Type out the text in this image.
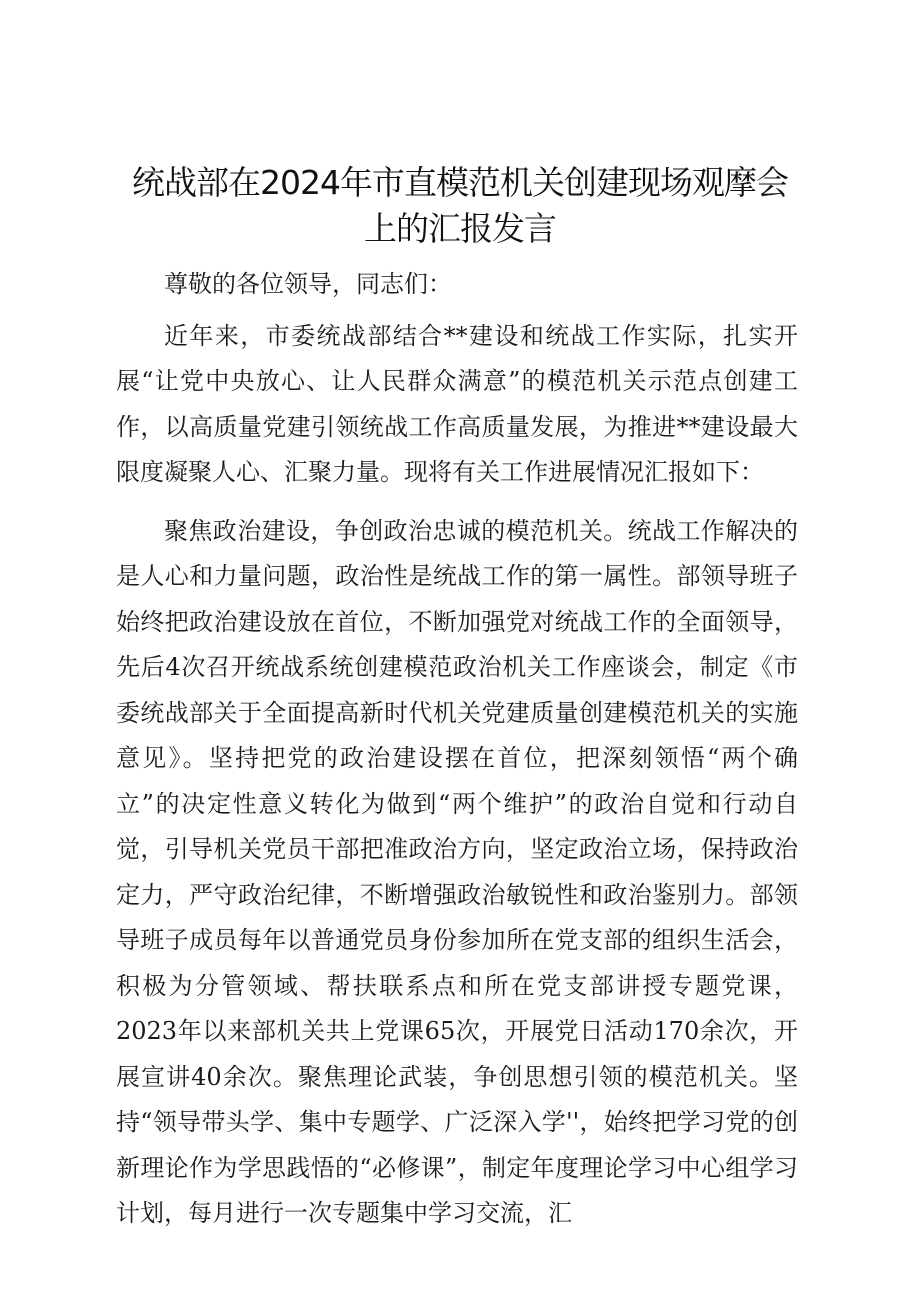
统战部在2024年市直模范机关创建现场观摩会
上的汇报发言

尊敬的各位领导，同志们：

近年来，市委统战部结合**建设和统战工作实际，扎实开展“让党中央放心、让人民群众满意”的模范机关示范点创建工作，以高质量党建引领统战工作高质量发展，为推进**建设最大限度凝聚人心、汇聚力量。现将有关工作进展情况汇报如下：

聚焦政治建设，争创政治忠诚的模范机关。统战工作解决的是人心和力量问题，政治性是统战工作的第一属性。部领导班子始终把政治建设放在首位，不断加强党对统战工作的全面领导，先后4次召开统战系统创建模范政治机关工作座谈会，制定《市委统战部关于全面提高新时代机关党建质量创建模范机关的实施意见》。坚持把党的政治建设摆在首位，把深刻领悟“两个确立”的决定性意义转化为做到“两个维护”的政治自觉和行动自觉，引导机关党员干部把准政治方向，坚定政治立场，保持政治定力，严守政治纪律，不断增强政治敏锐性和政治鉴别力。部领导班子成员每年以普通党员身份参加所在党支部的组织生活会，积极为分管领域、帮扶联系点和所在党支部讲授专题党课，2023年以来部机关共上党课65次，开展党日活动170余次，开展宣讲40余次。聚焦理论武装，争创思想引领的模范机关。坚持“领导带头学、集中专题学、广泛深入学''，始终把学习党的创新理论作为学思践悟的“必修课”，制定年度理论学习中心组学习计划，每月进行一次专题集中学习交流，汇
